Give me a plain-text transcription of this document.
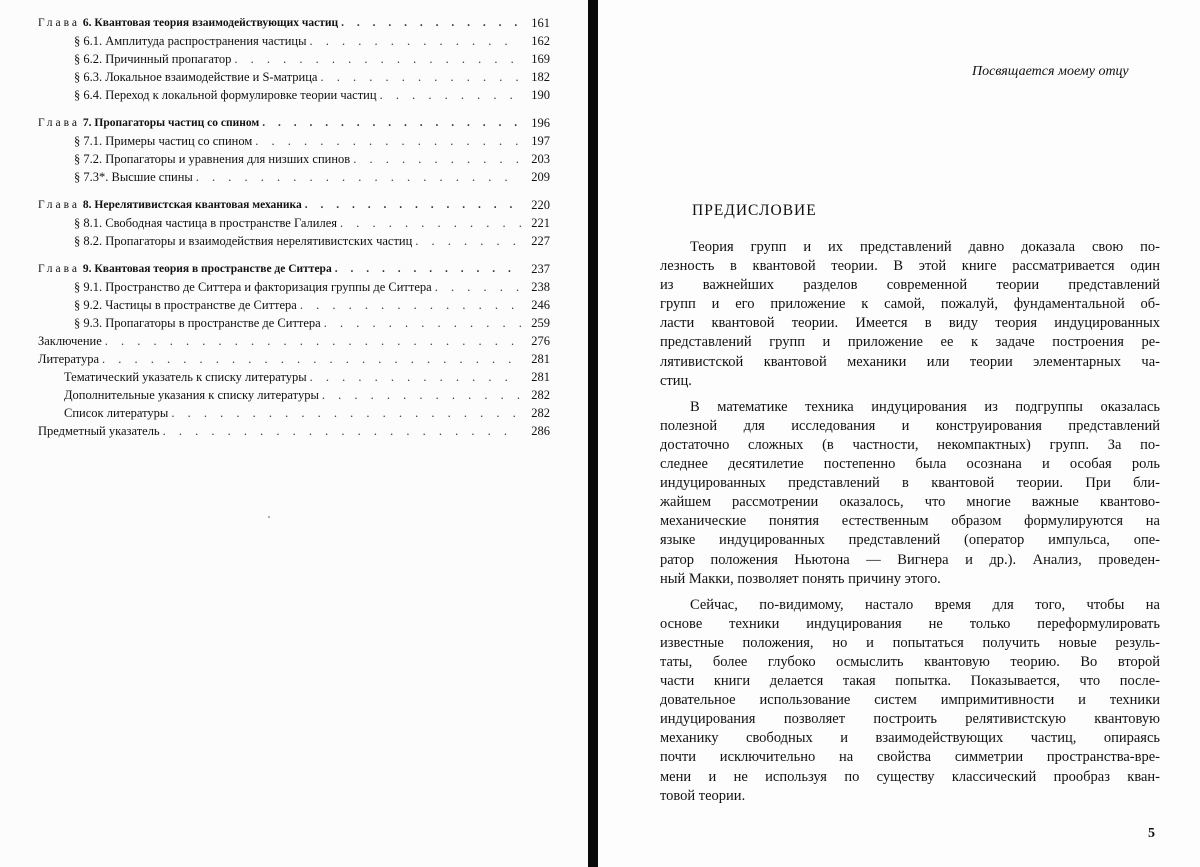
Глава 6. Квантовая теория взаимодействующих частиц . . .	161
§ 6.1. Амплитуда распространения частицы . . .	162
§ 6.2. Причинный пропагатор . . .	169
§ 6.3. Локальное взаимодействие и S-матрица . . .	182
§ 6.4. Переход к локальной формулировке теории частиц . . .	190
Глава 7. Пропагаторы частиц со спином . . .	196
§ 7.1. Примеры частиц со спином . . .	197
§ 7.2. Пропагаторы и уравнения для низших спинов . . .	203
§ 7.3*. Высшие спины . . .	209
Глава 8. Нерелятивистская квантовая механика . . .	220
§ 8.1. Свободная частица в пространстве Галилея . . .	221
§ 8.2. Пропагаторы и взаимодействия нерелятивистских частиц . . .	227
Глава 9. Квантовая теория в пространстве де Ситтера . . .	237
§ 9.1. Пространство де Ситтера и факторизация группы де Ситтера . . .	238
§ 9.2. Частицы в пространстве де Ситтера . . .	246
§ 9.3. Пропагаторы в пространстве де Ситтера . . .	259
Заключение . . .	276
Литература . . .	281
Тематический указатель к списку литературы . . .	281
Дополнительные указания к списку литературы . . .	282
Список литературы . . .	282
Предметный указатель . . .	286
Посвящается моему отцу
ПРЕДИСЛОВИЕ
Теория групп и их представлений давно доказала свою по-
лезность в квантовой теории. В этой книге рассматривается один
из важнейших разделов современной теории представлений
групп и его приложение к самой, пожалуй, фундаментальной об-
ласти квантовой теории. Имеется в виду теория индуцированных
представлений групп и приложение ее к задаче построения ре-
лятивистской квантовой механики или теории элементарных ча-
стиц.
В математике техника индуцирования из подгруппы оказалась
полезной для исследования и конструирования представлений
достаточно сложных (в частности, некомпактных) групп. За по-
следнее десятилетие постепенно была осознана и особая роль
индуцированных представлений в квантовой теории. При бли-
жайшем рассмотрении оказалось, что многие важные квантово-
механические понятия естественным образом формулируются на
языке индуцированных представлений (оператор импульса, опе-
ратор положения Ньютона — Вигнера и др.). Анализ, проведен-
ный Макки, позволяет понять причину этого.
Сейчас, по-видимому, настало время для того, чтобы на
основе техники индуцирования не только переформулировать
известные положения, но и попытаться получить новые резуль-
таты, более глубоко осмыслить квантовую теорию. Во второй
части книги делается такая попытка. Показывается, что после-
довательное использование систем импримитивности и техники
индуцирования позволяет построить релятивистскую квантовую
механику свободных и взаимодействующих частиц, опираясь
почти исключительно на свойства симметрии пространства-вре-
мени и не используя по существу классический прообраз кван-
товой теории.
5
